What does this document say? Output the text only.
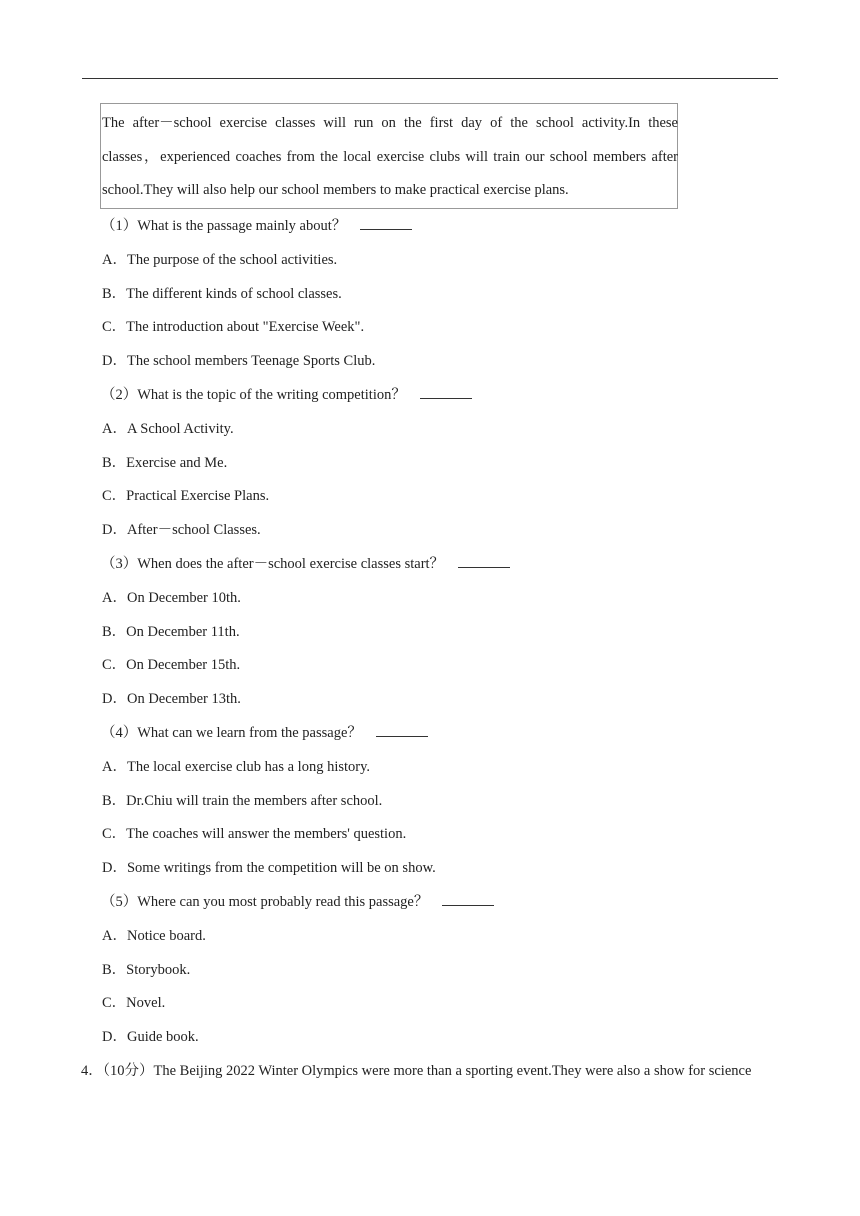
The after－school exercise classes will run on the first day of the school activity.In these
classes，experienced coaches from the local exercise clubs will train our school members after
school.They will also help our school members to make practical exercise plans.
（1）What is the passage mainly about？
A．The purpose of the school activities.
B．The different kinds of school classes.
C．The introduction about "Exercise Week".
D．The school members Teenage Sports Club.
（2）What is the topic of the writing competition？
A．A School Activity.
B．Exercise and Me.
C．Practical Exercise Plans.
D．After－school Classes.
（3）When does the after－school exercise classes start？
A．On December 10th.
B．On December 11th.
C．On December 15th.
D．On December 13th.
（4）What can we learn from the passage？
A．The local exercise club has a long history.
B．Dr.Chiu will train the members after school.
C．The coaches will answer the members' question.
D．Some writings from the competition will be on show.
（5）Where can you most probably read this passage？
A．Notice board.
B．Storybook.
C．Novel.
D．Guide book.
4．（10分）The Beijing 2022 Winter Olympics were more than a sporting event.They were also a show for science
